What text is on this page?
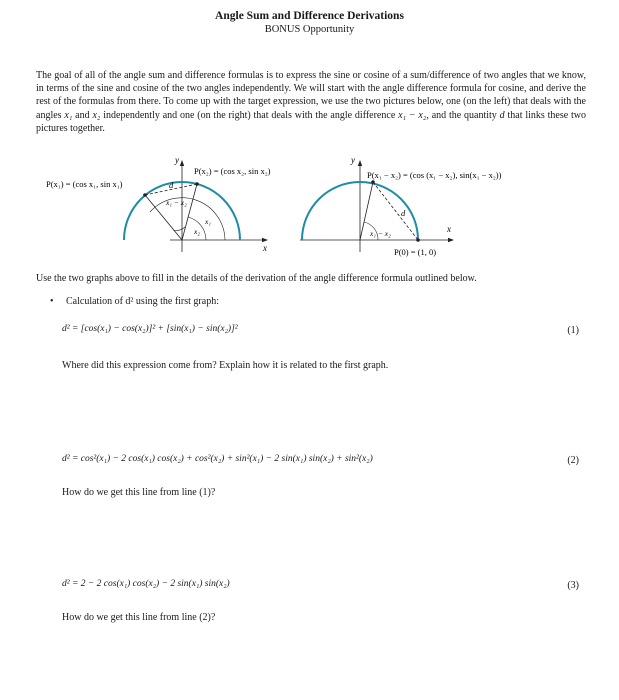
Angle Sum and Difference Derivations
BONUS Opportunity
The goal of all of the angle sum and difference formulas is to express the sine or cosine of a sum/difference of two angles that we know, in terms of the sine and cosine of the two angles independently. We will start with the angle difference formula for cosine, and derive the rest of the formulas from there. To come up with the target expression, we use the two pictures below, one (on the left) that deals with the angles x₁ and x₂ independently and one (on the right) that deals with the angle difference x₁ − x₂, and the quantity d that links these two pictures together.
y
x
P(x₁) = (cos x₁, sin x₁)
P(x₂) = (cos x₂, sin x₂)
d
x₁ − x₂
x₁
x₂
y
x
P(x₁ − x₂) = (cos (x₁ − x₂), sin(x₁ − x₂))
P(0) = (1, 0)
d
x₁ − x₂
Use the two graphs above to fill in the details of the derivation of the angle difference formula outlined below.
• Calculation of d² using the first graph:
d² = [cos(x₁) − cos(x₂)]² + [sin(x₁) − sin(x₂)]²	(1)
Where did this expression come from? Explain how it is related to the first graph.
d² = cos²(x₁) − 2 cos(x₁) cos(x₂) + cos²(x₂) + sin²(x₁) − 2 sin(x₁) sin(x₂) + sin²(x₂)	(2)
How do we get this line from line (1)?
d² = 2 − 2 cos(x₁) cos(x₂) − 2 sin(x₁) sin(x₂)	(3)
How do we get this line from line (2)?
